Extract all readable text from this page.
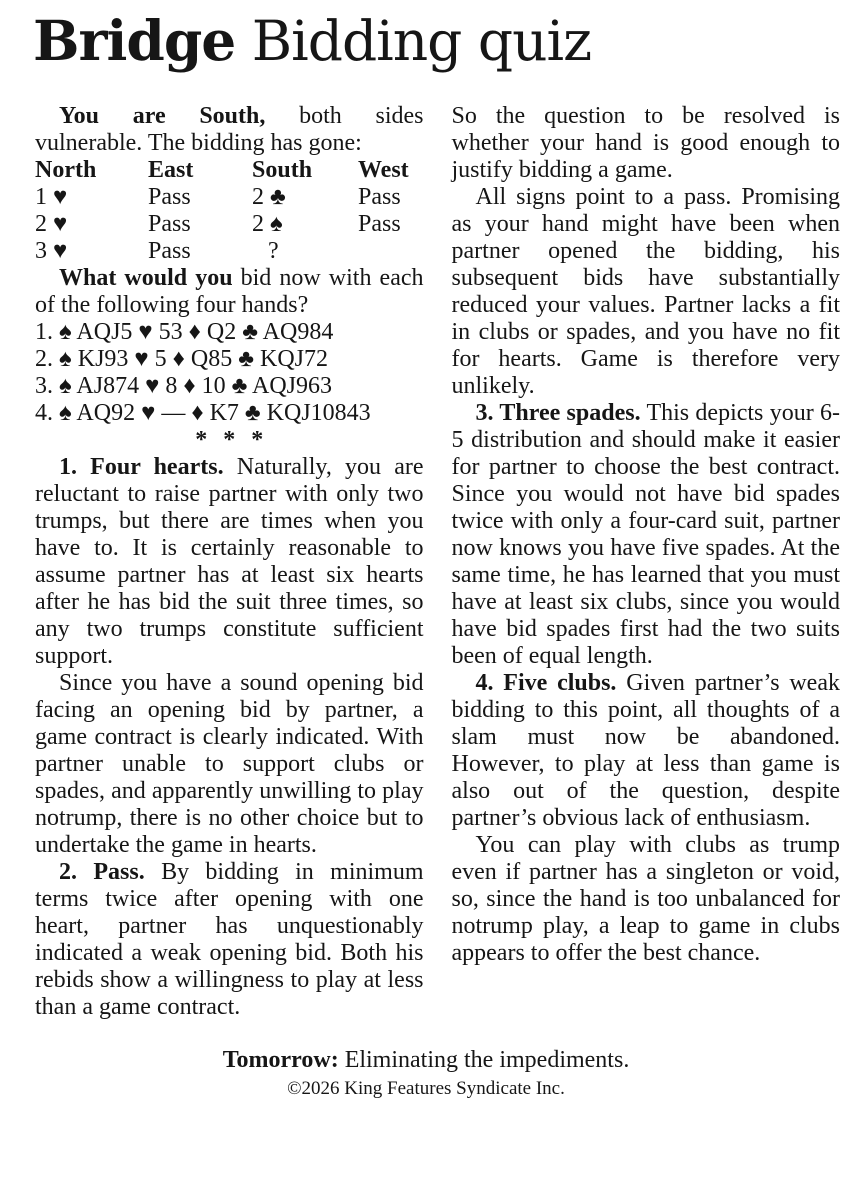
Bridge Bidding quiz

You are South, both sides vulnerable. The bidding has gone:

North	East	South	West
1 ♥	Pass	2 ♣	Pass
2 ♥	Pass	2 ♠	Pass
3 ♥	Pass	?

What would you bid now with each of the following four hands?

1. ♠ AQJ5 ♥ 53 ♦ Q2 ♣ AQ984

2. ♠ KJ93 ♥ 5 ♦ Q85 ♣ KQJ72

3. ♠ AJ874 ♥ 8 ♦ 10 ♣ AQJ963

4. ♠ AQ92 ♥ — ♦ K7 ♣ KQJ10843

* * *

1. Four hearts. Naturally, you are reluctant to raise partner with only two trumps, but there are times when you have to. It is certainly reasonable to assume partner has at least six hearts after he has bid the suit three times, so any two trumps constitute sufficient support.

Since you have a sound opening bid facing an opening bid by partner, a game contract is clearly indicated. With partner unable to support clubs or spades, and apparently unwilling to play notrump, there is no other choice but to undertake the game in hearts.

2. Pass. By bidding in minimum terms twice after opening with one heart, partner has unquestionably indicated a weak opening bid. Both his rebids show a willingness to play at less than a game contract.

So the question to be resolved is whether your hand is good enough to justify bidding a game.

All signs point to a pass. Promising as your hand might have been when partner opened the bidding, his subsequent bids have substantially reduced your values. Partner lacks a fit in clubs or spades, and you have no fit for hearts. Game is therefore very unlikely.

3. Three spades. This depicts your 6-5 distribution and should make it easier for partner to choose the best contract. Since you would not have bid spades twice with only a four-card suit, partner now knows you have five spades. At the same time, he has learned that you must have at least six clubs, since you would have bid spades first had the two suits been of equal length.

4. Five clubs. Given partner’s weak bidding to this point, all thoughts of a slam must now be abandoned. However, to play at less than game is also out of the question, despite partner’s obvious lack of enthusiasm.

You can play with clubs as trump even if partner has a singleton or void, so, since the hand is too unbalanced for notrump play, a leap to game in clubs appears to offer the best chance.

Tomorrow: Eliminating the impediments.

©2026 King Features Syndicate Inc.
